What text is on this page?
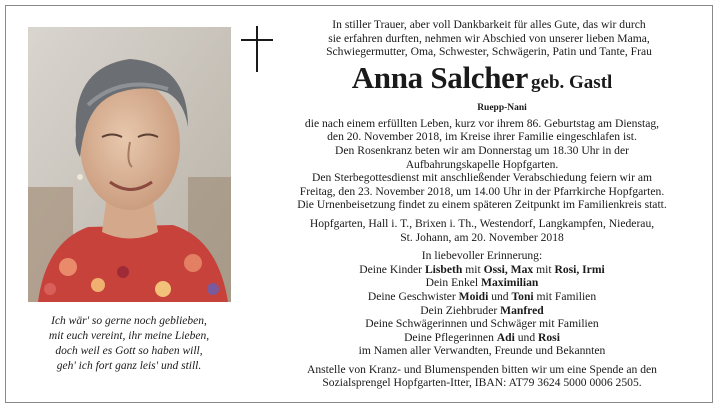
Ich wär' so gerne noch geblieben,
mit euch vereint, ihr meine Lieben,
doch weil es Gott so haben will,
geh' ich fort ganz leis' und still.
In stiller Trauer, aber voll Dankbarkeit für alles Gute, das wir durch
sie erfahren durften, nehmen wir Abschied von unserer lieben Mama,
Schwiegermutter, Oma, Schwester, Schwägerin, Patin und Tante, Frau
Anna Salcher geb. Gastl
Ruepp-Nani
die nach einem erfüllten Leben, kurz vor ihrem 86. Geburtstag am Dienstag,
den 20. November 2018, im Kreise ihrer Familie eingeschlafen ist.
Den Rosenkranz beten wir am Donnerstag um 18.30 Uhr in der
Aufbahrungskapelle Hopfgarten.
Den Sterbegottesdienst mit anschließender Verabschiedung feiern wir am
Freitag, den 23. November 2018, um 14.00 Uhr in der Pfarrkirche Hopfgarten.
Die Urnenbeisetzung findet zu einem späteren Zeitpunkt im Familienkreis statt.
Hopfgarten, Hall i. T., Brixen i. Th., Westendorf, Langkampfen, Niederau,
St. Johann, am 20. November 2018
In liebevoller Erinnerung:
Deine Kinder Lisbeth mit Ossi, Max mit Rosi, Irmi
Dein Enkel Maximilian
Deine Geschwister Moidi und Toni mit Familien
Dein Ziehbruder Manfred
Deine Schwägerinnen und Schwäger mit Familien
Deine Pflegerinnen Adi und Rosi
im Namen aller Verwandten, Freunde und Bekannten
Anstelle von Kranz- und Blumenspenden bitten wir um eine Spende an den
Sozialsprengel Hopfgarten-Itter, IBAN: AT79 3624 5000 0006 2505.
